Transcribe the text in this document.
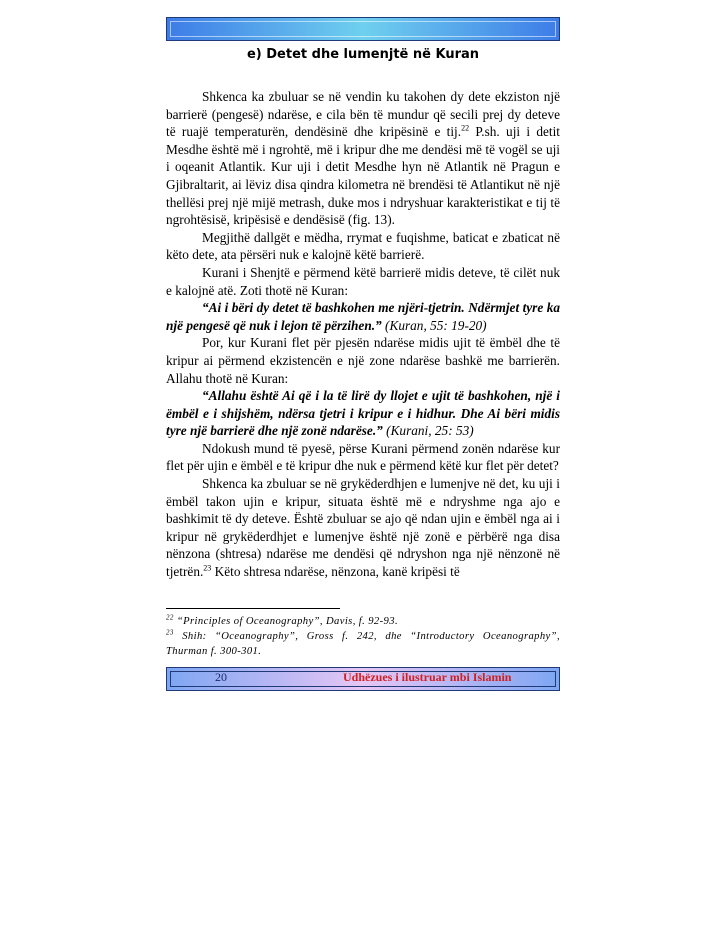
e) Detet dhe lumenjtë në Kuran

Shkenca ka zbuluar se në vendin ku takohen dy dete ekziston një barrierë (pengesë) ndarëse, e cila bën të mundur që secili prej dy deteve të ruajë temperaturën, dendësinë dhe kripësinë e tij.$^{22}$ P.sh. uji i detit Mesdhe është më i ngrohtë, më i kripur dhe me dendësi më të vogël se uji i oqeanit Atlantik. Kur uji i detit Mesdhe hyn në Atlantik në Pragun e Gjibraltarit, ai lëviz disa qindra kilometra në brendësi të Atlantikut në një thellësi prej një mijë metrash, duke mos i ndryshuar karakteristikat e tij të ngrohtësisë, kripësisë e dendësisë (fig. 13).

Megjithë dallgët e mëdha, rrymat e fuqishme, baticat e zbaticat në këto dete, ata përsëri nuk e kalojnë këtë barrierë.

Kurani i Shenjtë e përmend këtë barrierë midis deteve, të cilët nuk e kalojnë atë. Zoti thotë në Kuran:

“Ai i bëri dy detet të bashkohen me njëri-tjetrin. Ndërmjet tyre ka një pengesë që nuk i lejon të përzihen.” (Kuran, 55: 19-20)

Por, kur Kurani flet për pjesën ndarëse midis ujit të ëmbël dhe të kripur ai përmend ekzistencën e një zone ndarëse bashkë me barrierën. Allahu thotë në Kuran:

“Allahu është Ai që i la të lirë dy llojet e ujit të bashkohen, një i ëmbël e i shijshëm, ndërsa tjetri i kripur e i hidhur. Dhe Ai bëri midis tyre një barrierë dhe një zonë ndarëse.” (Kurani, 25: 53)

Ndokush mund të pyesë, përse Kurani përmend zonën ndarëse kur flet për ujin e ëmbël e të kripur dhe nuk e përmend këtë kur flet për detet?

Shkenca ka zbuluar se në grykëderdhjen e lumenjve në det, ku uji i ëmbël takon ujin e kripur, situata është më e ndryshme nga ajo e bashkimit të dy deteve. Është zbuluar se ajo që ndan ujin e ëmbël nga ai i kripur në grykëderdhjet e lumenjve është një zonë e përbërë nga disa nënzona (shtresa) ndarëse me dendësi që ndryshon nga një nënzonë në tjetrën.$^{23}$ Këto shtresa ndarëse, nënzona, kanë kripësi të

$^{22}$ “Principles of Oceanography”, Davis, f. 92-93.

$^{23}$ Shih: “Oceanography”, Gross f. 242, dhe “Introductory Oceanography”, Thurman f. 300-301.

20	Udhëzues i ilustruar mbi Islamin
